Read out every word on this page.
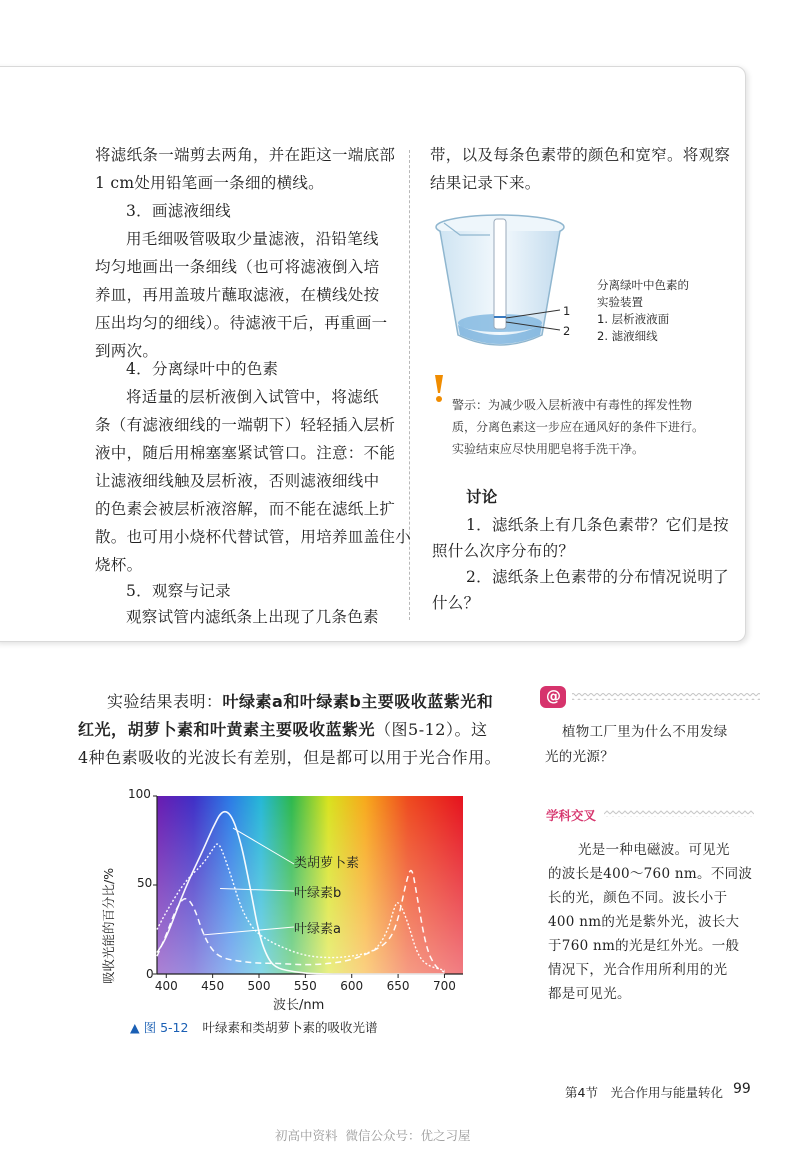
将滤纸条一端剪去两角，并在距这一端底部
1 cm处用铅笔画一条细的横线。
3．画滤液细线
用毛细吸管吸取少量滤液，沿铅笔线
均匀地画出一条细线（也可将滤液倒入培
养皿，再用盖玻片蘸取滤液，在横线处按
压出均匀的细线）。待滤液干后，再重画一
到两次。
4．分离绿叶中的色素
将适量的层析液倒入试管中，将滤纸
条（有滤液细线的一端朝下）轻轻插入层析
液中，随后用棉塞塞紧试管口。注意：不能
让滤液细线触及层析液，否则滤液细线中
的色素会被层析液溶解，而不能在滤纸上扩
散。也可用小烧杯代替试管，用培养皿盖住小
烧杯。
5．观察与记录
观察试管内滤纸条上出现了几条色素
带，以及每条色素带的颜色和宽窄。将观察
结果记录下来。
1
2
分离绿叶中色素的
实验装置
1. 层析液液面
2. 滤液细线
警示：为减少吸入层析液中有毒性的挥发性物
质，分离色素这一步应在通风好的条件下进行。
实验结束应尽快用肥皂将手洗干净。
讨论
1．滤纸条上有几条色素带？它们是按
照什么次序分布的？
2．滤纸条上色素带的分布情况说明了
什么？
实验结果表明：叶绿素a和叶绿素b主要吸收蓝紫光和
红光，胡萝卜素和叶黄素主要吸收蓝紫光（图5-12）。这
4种色素吸收的光波长有差别，但是都可以用于光合作用。
400 450 500 550 600 650 700
100
50
0
吸收光能的百分比/%
波长/nm
类胡萝卜素
叶绿素b
叶绿素a
▲ 图 5-12 叶绿素和类胡萝卜素的吸收光谱
@
植物工厂里为什么不用发绿
光的光源？
学科交叉
光是一种电磁波。可见光
的波长是400～760 nm。不同波
长的光，颜色不同。波长小于
400 nm的光是紫外光，波长大
于760 nm的光是红外光。一般
情况下，光合作用所利用的光
都是可见光。
第4节　光合作用与能量转化 99
初高中资料  微信公众号：优之习屋
